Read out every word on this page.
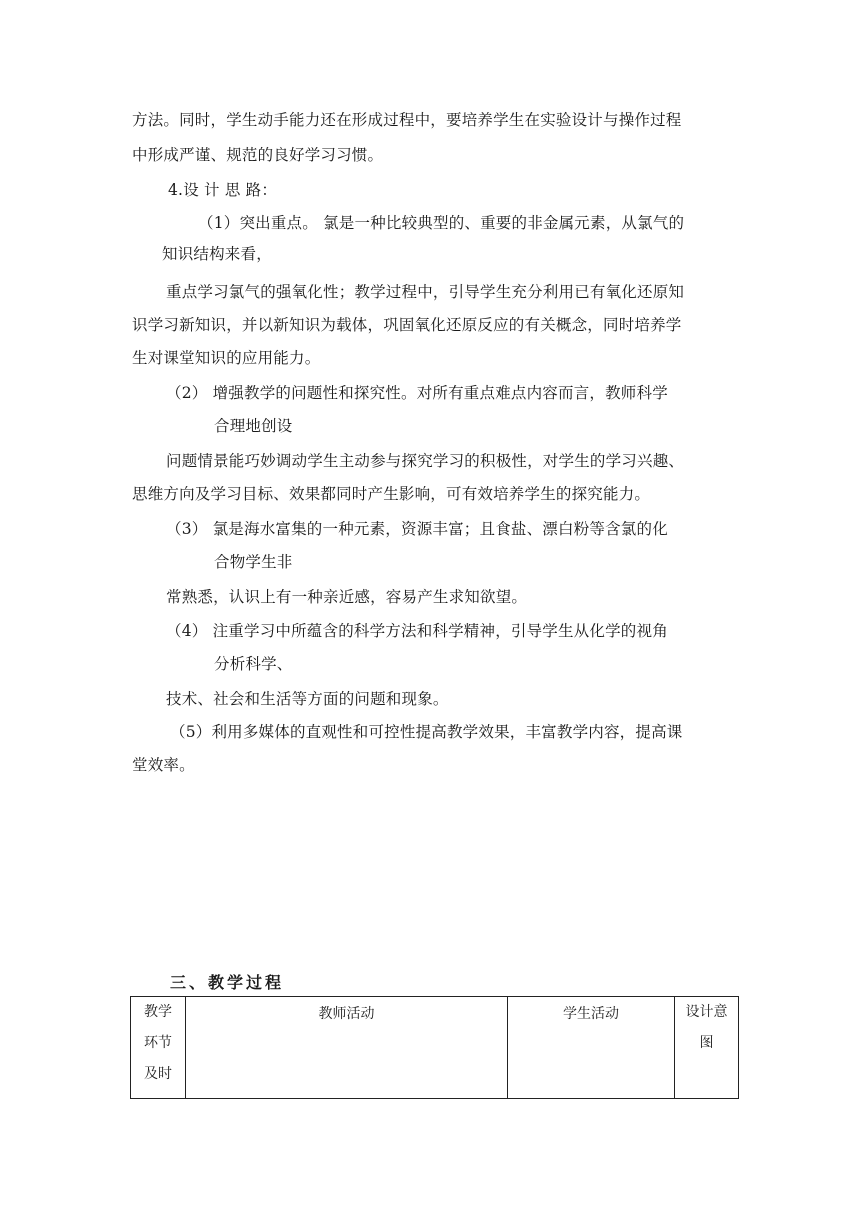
方法。同时，学生动手能力还在形成过程中，要培养学生在实验设计与操作过程
中形成严谨、规范的良好学习习惯。
4.设 计 思 路：
（1）突出重点。 氯是一种比较典型的、重要的非金属元素，从氯气的
知识结构来看，
重点学习氯气的强氧化性；教学过程中，引导学生充分利用已有氧化还原知
识学习新知识，并以新知识为载体，巩固氧化还原反应的有关概念，同时培养学
生对课堂知识的应用能力。
（2） 增强教学的问题性和探究性。对所有重点难点内容而言，教师科学
合理地创设
问题情景能巧妙调动学生主动参与探究学习的积极性，对学生的学习兴趣、
思维方向及学习目标、效果都同时产生影响，可有效培养学生的探究能力。
（3） 氯是海水富集的一种元素，资源丰富；且食盐、漂白粉等含氯的化
合物学生非
常熟悉，认识上有一种亲近感，容易产生求知欲望。
（4） 注重学习中所蕴含的科学方法和科学精神，引导学生从化学的视角
分析科学、
技术、社会和生活等方面的问题和现象。
（5）利用多媒体的直观性和可控性提高教学效果，丰富教学内容，提高课
堂效率。
三、教学过程
教学
环节
及时
	教师活动	学生活动	设计意
图
